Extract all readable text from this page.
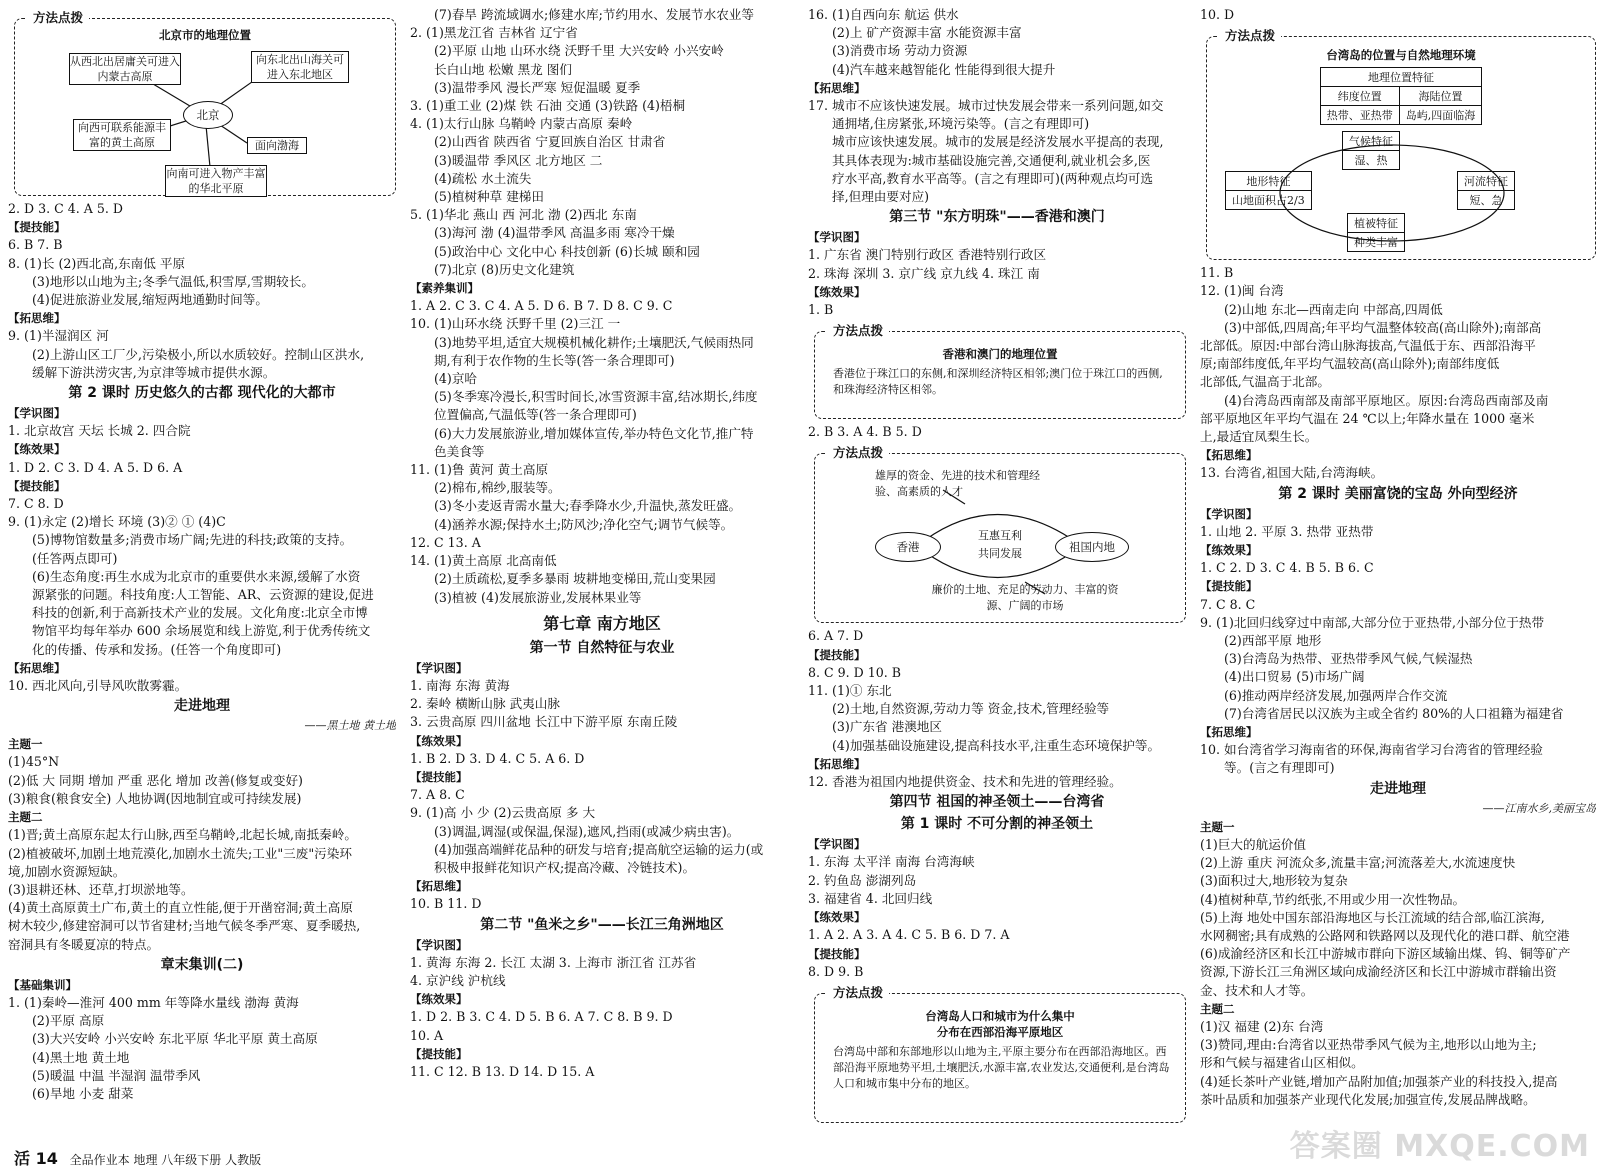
方法点拨
北京市的地理位置
北京
从西北出居庸关可进入内蒙古高原
向东北出山海关可进入东北地区
向西可联系能源丰富的黄土高原	面向渤海
向南可进入物产丰富的华北平原
2. D 3. C 4. A 5. D
【提技能】
6. B 7. B
8. (1)长 (2)西北高,东南低 平原
(3)地形以山地为主;冬季气温低,积雪厚,雪期较长。
(4)促进旅游业发展,缩短两地通勤时间等。
【拓思维】
9. (1)半湿润区 河
(2)上游山区工厂少,污染极小,所以水质较好。控制山区洪水,
缓解下游洪涝灾害,为京津等城市提供水源。
第 2 课时 历史悠久的古都 现代化的大都市
【学识图】
1. 北京故宫 天坛 长城 2. 四合院
【练效果】
1. D 2. C 3. D 4. A 5. D 6. A
【提技能】
7. C 8. D
9. (1)永定 (2)增长 环境 (3)② ① (4)C
(5)博物馆数量多;消费市场广阔;先进的科技;政策的支持。
(任答两点即可)
(6)生态角度:再生水成为北京市的重要供水来源,缓解了水资
源紧张的问题。科技角度:人工智能、AR、云资源的建设,促进
科技的创新,利于高新技术产业的发展。文化角度:北京全市博
物馆平均每年举办 600 余场展览和线上游览,利于优秀传统文
化的传播、传承和发扬。(任答一个角度即可)
【拓思维】
10. 西北风向,引导风吹散雾霾。
走进地理
——黑土地 黄土地
主题一
(1)45°N
(2)低 大 同期 增加 严重 恶化 增加 改善(修复或变好)
(3)粮食(粮食安全) 人地协调(因地制宜或可持续发展)
主题二
(1)晋;黄土高原东起太行山脉,西至乌鞘岭,北起长城,南抵秦岭。
(2)植被破坏,加剧土地荒漠化,加剧水土流失;工业"三废"污染环
境,加剧水资源短缺。
(3)退耕还林、还草,打坝淤地等。
(4)黄土高原黄土广布,黄土的直立性能,便于开凿窑洞;黄土高原
树木较少,修建窑洞可以节省建材;当地气候冬季严寒、夏季暖热,
窑洞具有冬暖夏凉的特点。
章末集训(二)
【基础集训】
1. (1)秦岭—淮河 400 mm 年等降水量线 渤海 黄海
(2)平原 高原
(3)大兴安岭 小兴安岭 东北平原 华北平原 黄土高原
(4)黑土地 黄土地
(5)暖温 中温 半湿润 温带季风
(6)旱地 小麦 甜菜
(7)春旱 跨流域调水;修建水库;节约用水、发展节水农业等
2. (1)黑龙江省 吉林省 辽宁省
(2)平原 山地 山环水绕 沃野千里 大兴安岭 小兴安岭
长白山地 松嫩 黑龙 图们
(3)温带季风 漫长严寒 短促温暖 夏季
3. (1)重工业 (2)煤 铁 石油 交通 (3)铁路 (4)梧桐
4. (1)太行山脉 乌鞘岭 内蒙古高原 秦岭
(2)山西省 陕西省 宁夏回族自治区 甘肃省
(3)暖温带 季风区 北方地区 二
(4)疏松 水土流失
(5)植树种草 建梯田
5. (1)华北 燕山 西 河北 渤 (2)西北 东南
(3)海河 渤 (4)温带季风 高温多雨 寒冷干燥
(5)政治中心 文化中心 科技创新 (6)长城 颐和园
(7)北京 (8)历史文化建筑
【素养集训】
1. A 2. C 3. C 4. A 5. D 6. B 7. D 8. C 9. C
10. (1)山环水绕 沃野千里 (2)三江 一
(3)地势平坦,适宜大规模机械化耕作;土壤肥沃,气候雨热同
期,有利于农作物的生长等(答一条合理即可)
(4)京哈
(5)冬季寒冷漫长,积雪时间长,冰雪资源丰富,结冰期长,纬度
位置偏高,气温低等(答一条合理即可)
(6)大力发展旅游业,增加媒体宣传,举办特色文化节,推广特
色美食等
11. (1)鲁 黄河 黄土高原
(2)棉布,棉纱,服装等。
(3)冬小麦返青需水量大;春季降水少,升温快,蒸发旺盛。
(4)涵养水源;保持水土;防风沙;净化空气;调节气候等。
12. C 13. A
14. (1)黄土高原 北高南低
(2)土质疏松,夏季多暴雨 坡耕地变梯田,荒山变果园
(3)植被 (4)发展旅游业,发展林果业等
第七章 南方地区
第一节 自然特征与农业
【学识图】
1. 南海 东海 黄海
2. 秦岭 横断山脉 武夷山脉
3. 云贵高原 四川盆地 长江中下游平原 东南丘陵
【练效果】
1. B 2. D 3. D 4. C 5. A 6. D
【提技能】
7. A 8. C
9. (1)高 小 少 (2)云贵高原 多 大
(3)调温,调湿(或保温,保湿),遮风,挡雨(或减少病虫害)。
(4)加强高端鲜花品种的研发与培育;提高航空运输的运力(或
积极申报鲜花知识产权;提高冷藏、冷链技术)。
【拓思维】
10. B 11. D
第二节 "鱼米之乡"——长江三角洲地区
【学识图】
1. 黄海 东海 2. 长江 太湖 3. 上海市 浙江省 江苏省
4. 京沪线 沪杭线
【练效果】
1. D 2. B 3. C 4. D 5. B 6. A 7. C 8. B 9. D
10. A
【提技能】
11. C 12. B 13. D 14. D 15. A
16. (1)自西向东 航运 供水
(2)上 矿产资源丰富 水能资源丰富
(3)消费市场 劳动力资源
(4)汽车越来越智能化 性能得到很大提升
【拓思维】
17. 城市不应该快速发展。城市过快发展会带来一系列问题,如交
通拥堵,住房紧张,环境污染等。(言之有理即可)
城市应该快速发展。城市的发展是经济发展水平提高的表现,
其具体表现为:城市基础设施完善,交通便利,就业机会多,医
疗水平高,教育水平高等。(言之有理即可)(两种观点均可选
择,但理由要对应)
第三节 "东方明珠"——香港和澳门
【学识图】
1. 广东省 澳门特别行政区 香港特别行政区
2. 珠海 深圳 3. 京广线 京九线 4. 珠江 南
【练效果】
1. B
方法点拨
香港和澳门的地理位置
香港位于珠江口的东侧,和深圳经济特区相邻;澳门位于珠江口的西侧,和珠海经济特区相邻。
2. B 3. A 4. B 5. D
方法点拨
雄厚的资金、先进的技术和管理经验、高素质的人才
香港	祖国内地
互惠互利
共同发展
廉价的土地、充足的劳动力、丰富的资源、广阔的市场
6. A 7. D
【提技能】
8. C 9. D 10. B
11. (1)① 东北
(2)土地,自然资源,劳动力等 资金,技术,管理经验等
(3)广东省 港澳地区
(4)加强基础设施建设,提高科技水平,注重生态环境保护等。
【拓思维】
12. 香港为祖国内地提供资金、技术和先进的管理经验。
第四节 祖国的神圣领土——台湾省
第 1 课时 不可分割的神圣领土
【学识图】
1. 东海 太平洋 南海 台湾海峡
2. 钓鱼岛 澎湖列岛
3. 福建省 4. 北回归线
【练效果】
1. A 2. A 3. A 4. C 5. B 6. D 7. A
【提技能】
8. D 9. B
方法点拨
台湾岛人口和城市为什么集中
分布在西部沿海平原地区
台湾岛中部和东部地形以山地为主,平原主要分布在西部沿海地区。西部沿海平原地势平坦,土壤肥沃,水源丰富,农业发达,交通便利,是台湾岛人口和城市集中分布的地区。
10. D
方法点拨
台湾岛的位置与自然地理环境
地理位置特征	
纬度位置	海陆位置
热带、亚热带	岛屿,四面临海
气候特征
湿、热
地形特征
山地面积占2/3
河流特征
短、急
植被特征
种类丰富
11. B
12. (1)闽 台湾
(2)山地 东北—西南走向 中部高,四周低
(3)中部低,四周高;年平均气温整体较高(高山除外);南部高
北部低。原因:中部台湾山脉海拔高,气温低于东、西部沿海平
原;南部纬度低,年平均气温较高(高山除外);南部纬度低
北部低,气温高于北部。
(4)台湾岛西南部及南部平原地区。原因:台湾岛西南部及南
部平原地区年平均气温在 24 ℃以上;年降水量在 1000 毫米
上,最适宜凤梨生长。
【拓思维】
13. 台湾省,祖国大陆,台湾海峡。
第 2 课时 美丽富饶的宝岛 外向型经济
【学识图】
1. 山地 2. 平原 3. 热带 亚热带
【练效果】
1. C 2. D 3. C 4. B 5. B 6. C
【提技能】
7. C 8. C
9. (1)北回归线穿过中南部,大部分位于亚热带,小部分位于热带
(2)西部平原 地形
(3)台湾岛为热带、亚热带季风气候,气候湿热
(4)出口贸易 (5)市场广阔
(6)推动两岸经济发展,加强两岸合作交流
(7)台湾省居民以汉族为主或全省约 80%的人口祖籍为福建省
【拓思维】
10. 如台湾省学习海南省的环保,海南省学习台湾省的管理经验
等。(言之有理即可)
走进地理
——江南水乡,美丽宝岛
主题一
(1)巨大的航运价值
(2)上游 重庆 河流众多,流量丰富;河流落差大,水流速度快
(3)面积过大,地形较为复杂
(4)植树种草,节约纸张,不用或少用一次性物品。
(5)上海 地处中国东部沿海地区与长江流域的结合部,临江滨海,
水网稠密;具有成熟的公路网和铁路网以及现代化的港口群、航空港
(6)成渝经济区和长江中游城市群向下游区域输出煤、钨、铜等矿产
资源,下游长江三角洲区域向成渝经济区和长江中游城市群输出资
金、技术和人才等。
主题二
(1)汉 福建 (2)东 台湾
(3)赞同,理由:台湾省以亚热带季风气候为主,地形以山地为主;
形和气候与福建省山区相似。
(4)延长茶叶产业链,增加产品附加值;加强茶产业的科技投入,提高
茶叶品质和加强茶产业现代化发展;加强宣传,发展品牌战略。
活 14 全品作业本 地理 八年级下册 人教版	答案圈 MXQE.COM
